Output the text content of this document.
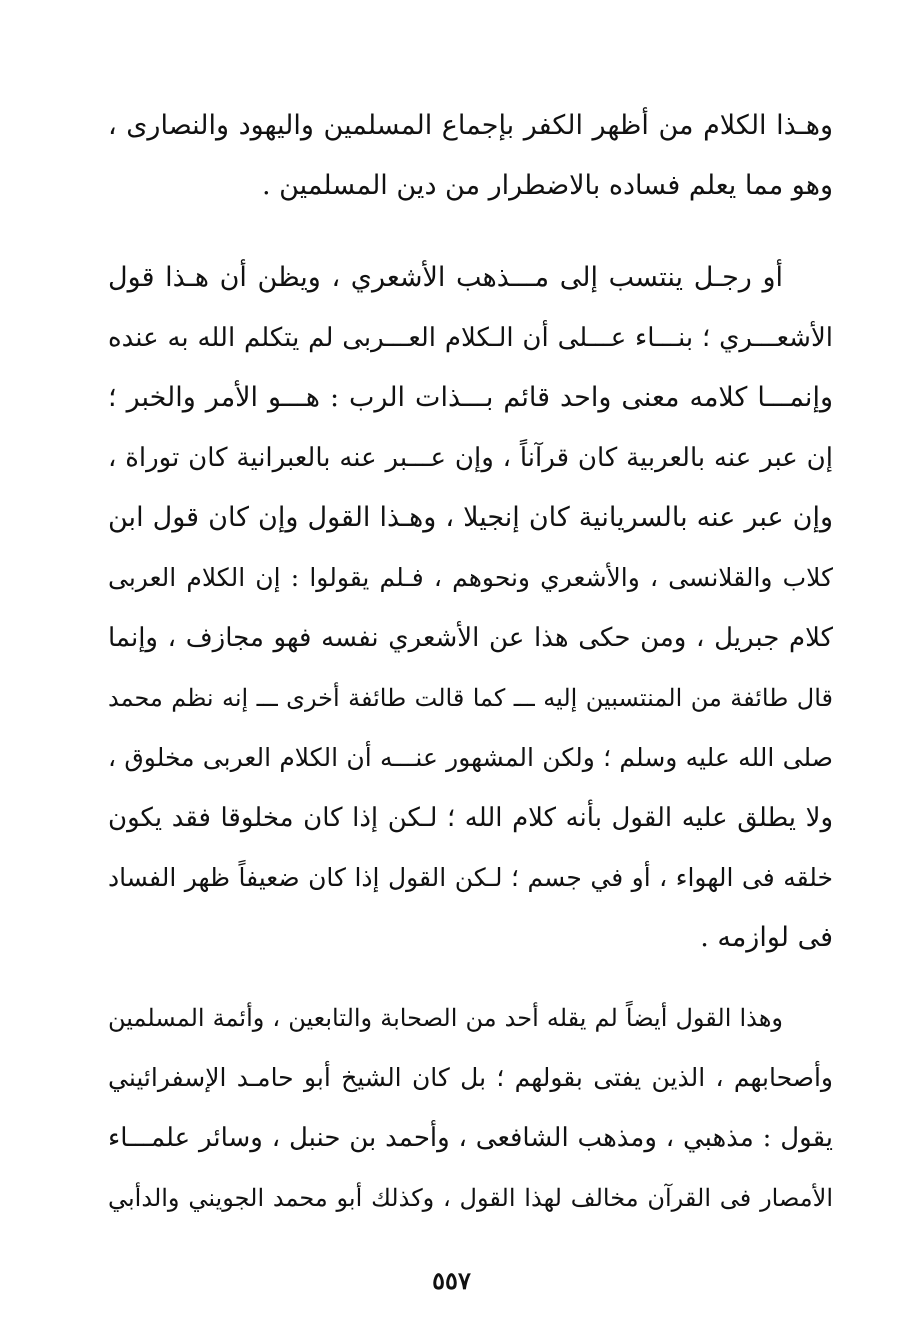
وهـذا الكلام من أظهر الكفر بإجماع المسلمين واليهود والنصارى ،
وهو مما يعلم فساده بالاضطرار من دين المسلمين .
أو رجـل ينتسب إلى مـــذهب الأشعري ، ويظن أن هـذا قول
الأشعـــري ؛ بنـــاء عـــلى أن الـكلام العـــربى لم يتكلم الله به عنده
وإنمـــا كلامه معنى واحد قائم بـــذات الرب : هـــو الأمر والخبر ؛
إن عبر عنه بالعربية كان قرآناً ، وإن عـــبر عنه بالعبرانية كان توراة ،
وإن عبر عنه بالسريانية كان إنجيلا ، وهـذا القول وإن كان قول ابن
كلاب والقلانسى ، والأشعري ونحوهم ، فـلم يقولوا : إن الكلام العربى
كلام جبريل ، ومن حكى هذا عن الأشعري نفسه فهو مجازف ، وإنما
قال طائفة من المنتسبين إليه ـــ كما قالت طائفة أخرى ـــ إنه نظم محمد
صلى الله عليه وسلم ؛ ولكن المشهور عنـــه أن الكلام العربى مخلوق ،
ولا يطلق عليه القول بأنه كلام الله ؛ لـكن إذا كان مخلوقا فقد يكون
خلقه فى الهواء ، أو في جسم ؛ لـكن القول إذا كان ضعيفاً ظهر الفساد
فى لوازمه .
وهذا القول أيضاً لم يقله أحد من الصحابة والتابعين ، وأئمة المسلمين
وأصحابهم ، الذين يفتى بقولهم ؛ بل كان الشيخ أبو حامـد الإسفرائيني
يقول : مذهبي ، ومذهب الشافعى ، وأحمد بن حنبل ، وسائر علمـــاء
الأمصار فى القرآن مخالف لهذا القول ، وكذلك أبو محمد الجويني والدأبي
٥٥٧
